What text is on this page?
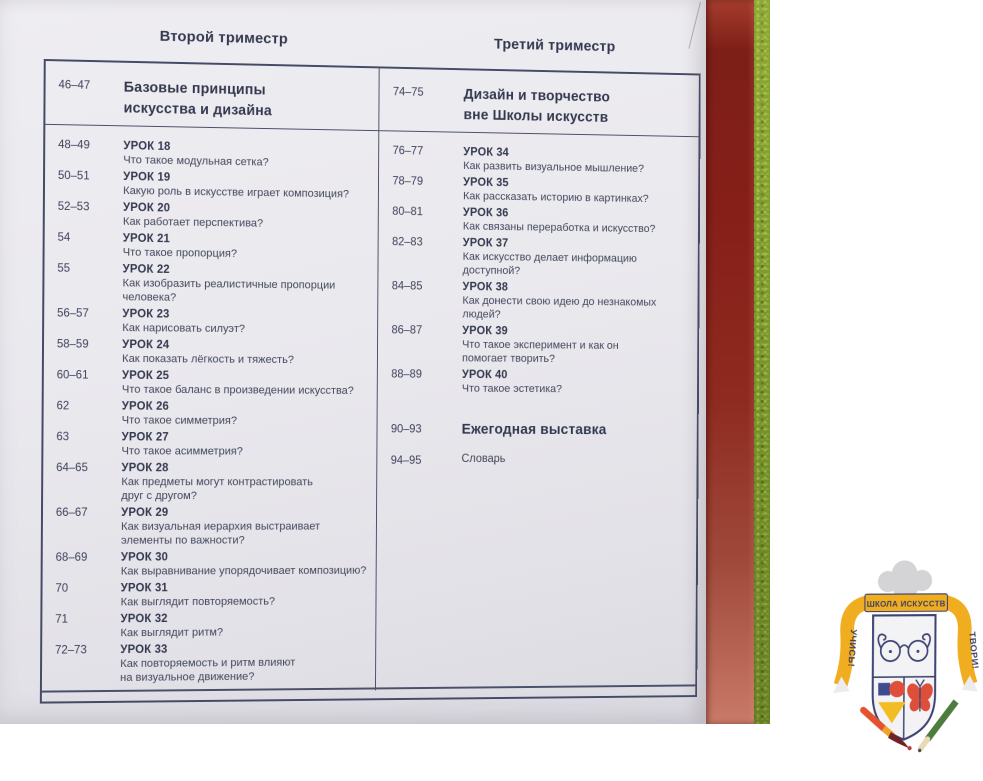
Второй триместр	Третий триместр
46–47	Базовые принципы
искусства и дизайна
74–75	Дизайн и творчество
вне Школы искусств
48–49	УРОК 18
Что такое модульная сетка?
50–51	УРОК 19
Какую роль в искусстве играет композиция?
52–53	УРОК 20
Как работает перспектива?
54	УРОК 21
Что такое пропорция?
55	УРОК 22
Как изобразить реалистичные пропорции
человека?
56–57	УРОК 23
Как нарисовать силуэт?
58–59	УРОК 24
Как показать лёгкость и тяжесть?
60–61	УРОК 25
Что такое баланс в произведении искусства?
62	УРОК 26
Что такое симметрия?
63	УРОК 27
Что такое асимметрия?
64–65	УРОК 28
Как предметы могут контрастировать
друг с другом?
66–67	УРОК 29
Как визуальная иерархия выстраивает
элементы по важности?
68–69	УРОК 30
Как выравнивание упорядочивает композицию?
70	УРОК 31
Как выглядит повторяемость?
71	УРОК 32
Как выглядит ритм?
72–73	УРОК 33
Как повторяемость и ритм влияют
на визуальное движение?
76–77	УРОК 34
Как развить визуальное мышление?
78–79	УРОК 35
Как рассказать историю в картинках?
80–81	УРОК 36
Как связаны переработка и искусство?
82–83	УРОК 37
Как искусство делает информацию
доступной?
84–85	УРОК 38
Как донести свою идею до незнакомых
людей?
86–87	УРОК 39
Что такое эксперимент и как он
помогает творить?
88–89	УРОК 40
Что такое эстетика?
90–93	Ежегодная выставка
94–95	Словарь
УЧИСЬ!	ТВОРИ!
ШКОЛА ИСКУССТВ
